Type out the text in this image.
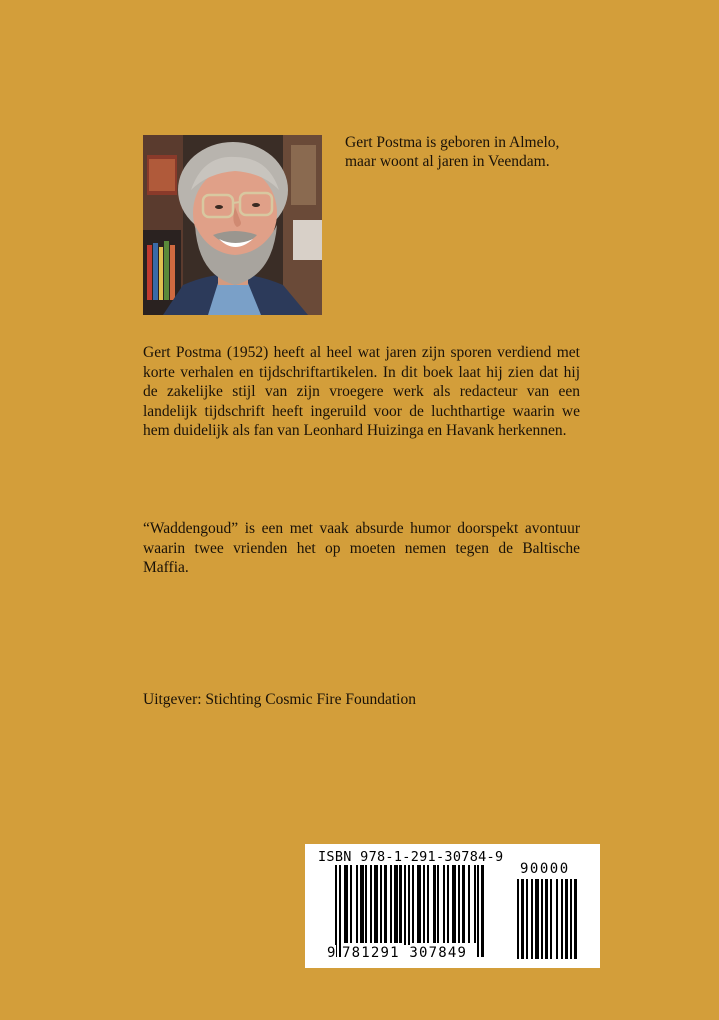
Gert Postma is geboren in Almelo, maar woont al jaren in Veendam.

Gert Postma (1952) heeft al heel wat jaren zijn sporen verdiend met korte verhalen en tijdschriftartikelen. In dit boek laat hij zien dat hij de zakelijke stijl van zijn vroegere werk als redacteur van een landelijk tijdschrift heeft ingeruild voor de luchthartige waarin we hem duidelijk als fan van Leonhard Huizinga en Havank herkennen.

“Waddengoud” is een met vaak absurde humor doorspekt avontuur waarin twee vrienden het op moeten nemen tegen de Baltische Maffia.

Uitgever: Stichting Cosmic Fire Foundation
ISBN 978-1-291-30784-9
90000
9 781291 307849
